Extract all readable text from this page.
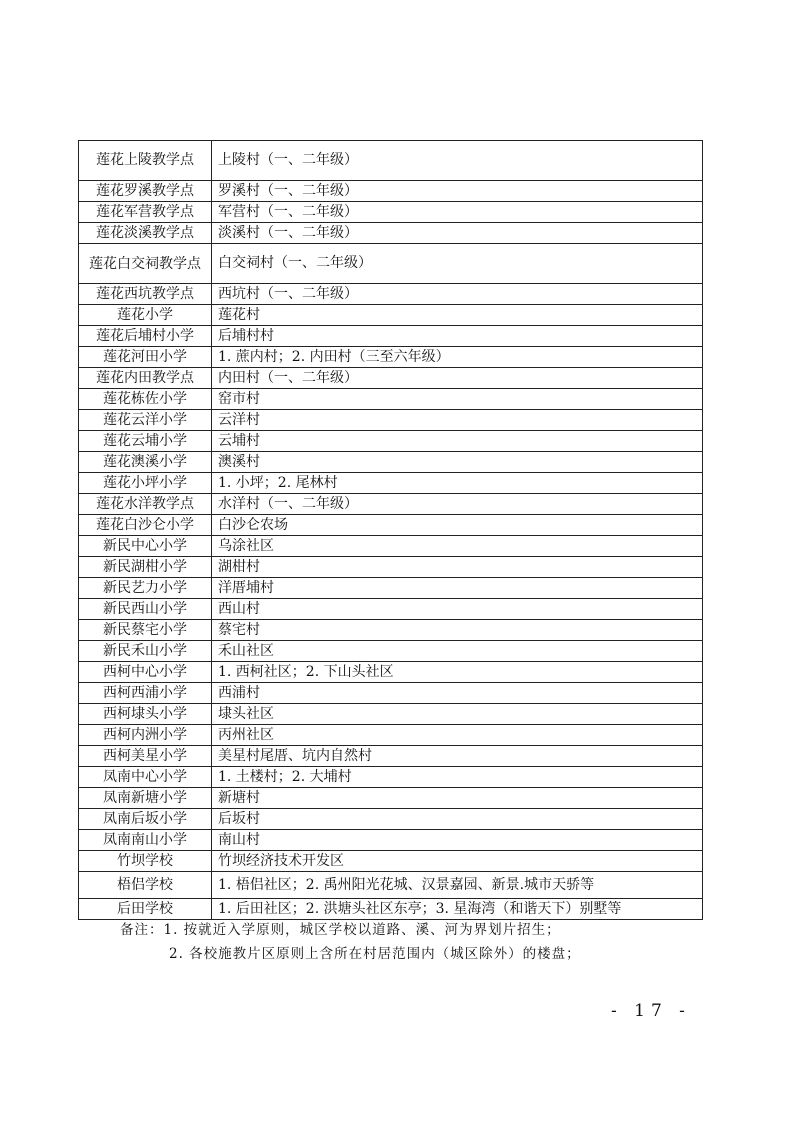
莲花上陵教学点	上陵村（一、二年级）
莲花罗溪教学点	罗溪村（一、二年级）
莲花军营教学点	军营村（一、二年级）
莲花淡溪教学点	淡溪村（一、二年级）
莲花白交祠教学点	白交祠村（一、二年级）
莲花西坑教学点	西坑村（一、二年级）
莲花小学	莲花村
莲花后埔村小学	后埔村村
莲花河田小学	1. 蔗内村；2. 内田村（三至六年级）
莲花内田教学点	内田村（一、二年级）
莲花栋佐小学	窑市村
莲花云洋小学	云洋村
莲花云埔小学	云埔村
莲花澳溪小学	澳溪村
莲花小坪小学	1. 小坪；2. 尾林村
莲花水洋教学点	水洋村（一、二年级）
莲花白沙仑小学	白沙仑农场
新民中心小学	乌涂社区
新民湖柑小学	湖柑村
新民艺力小学	洋厝埔村
新民西山小学	西山村
新民蔡宅小学	蔡宅村
新民禾山小学	禾山社区
西柯中心小学	1. 西柯社区；2. 下山头社区
西柯西浦小学	西浦村
西柯埭头小学	埭头社区
西柯内洲小学	丙州社区
西柯美星小学	美星村尾厝、坑内自然村
凤南中心小学	1. 土楼村；2. 大埔村
凤南新塘小学	新塘村
凤南后坂小学	后坂村
凤南南山小学	南山村
竹坝学校	竹坝经济技术开发区
梧侣学校	1. 梧侣社区；2. 禹州阳光花城、汉景嘉园、新景.城市天骄等
后田学校	1. 后田社区；2. 洪塘头社区东亭；3. 星海湾（和谐天下）别墅等
备注：1. 按就近入学原则，城区学校以道路、溪、河为界划片招生；
2. 各校施教片区原则上含所在村居范围内（城区除外）的楼盘；
- 17 -
